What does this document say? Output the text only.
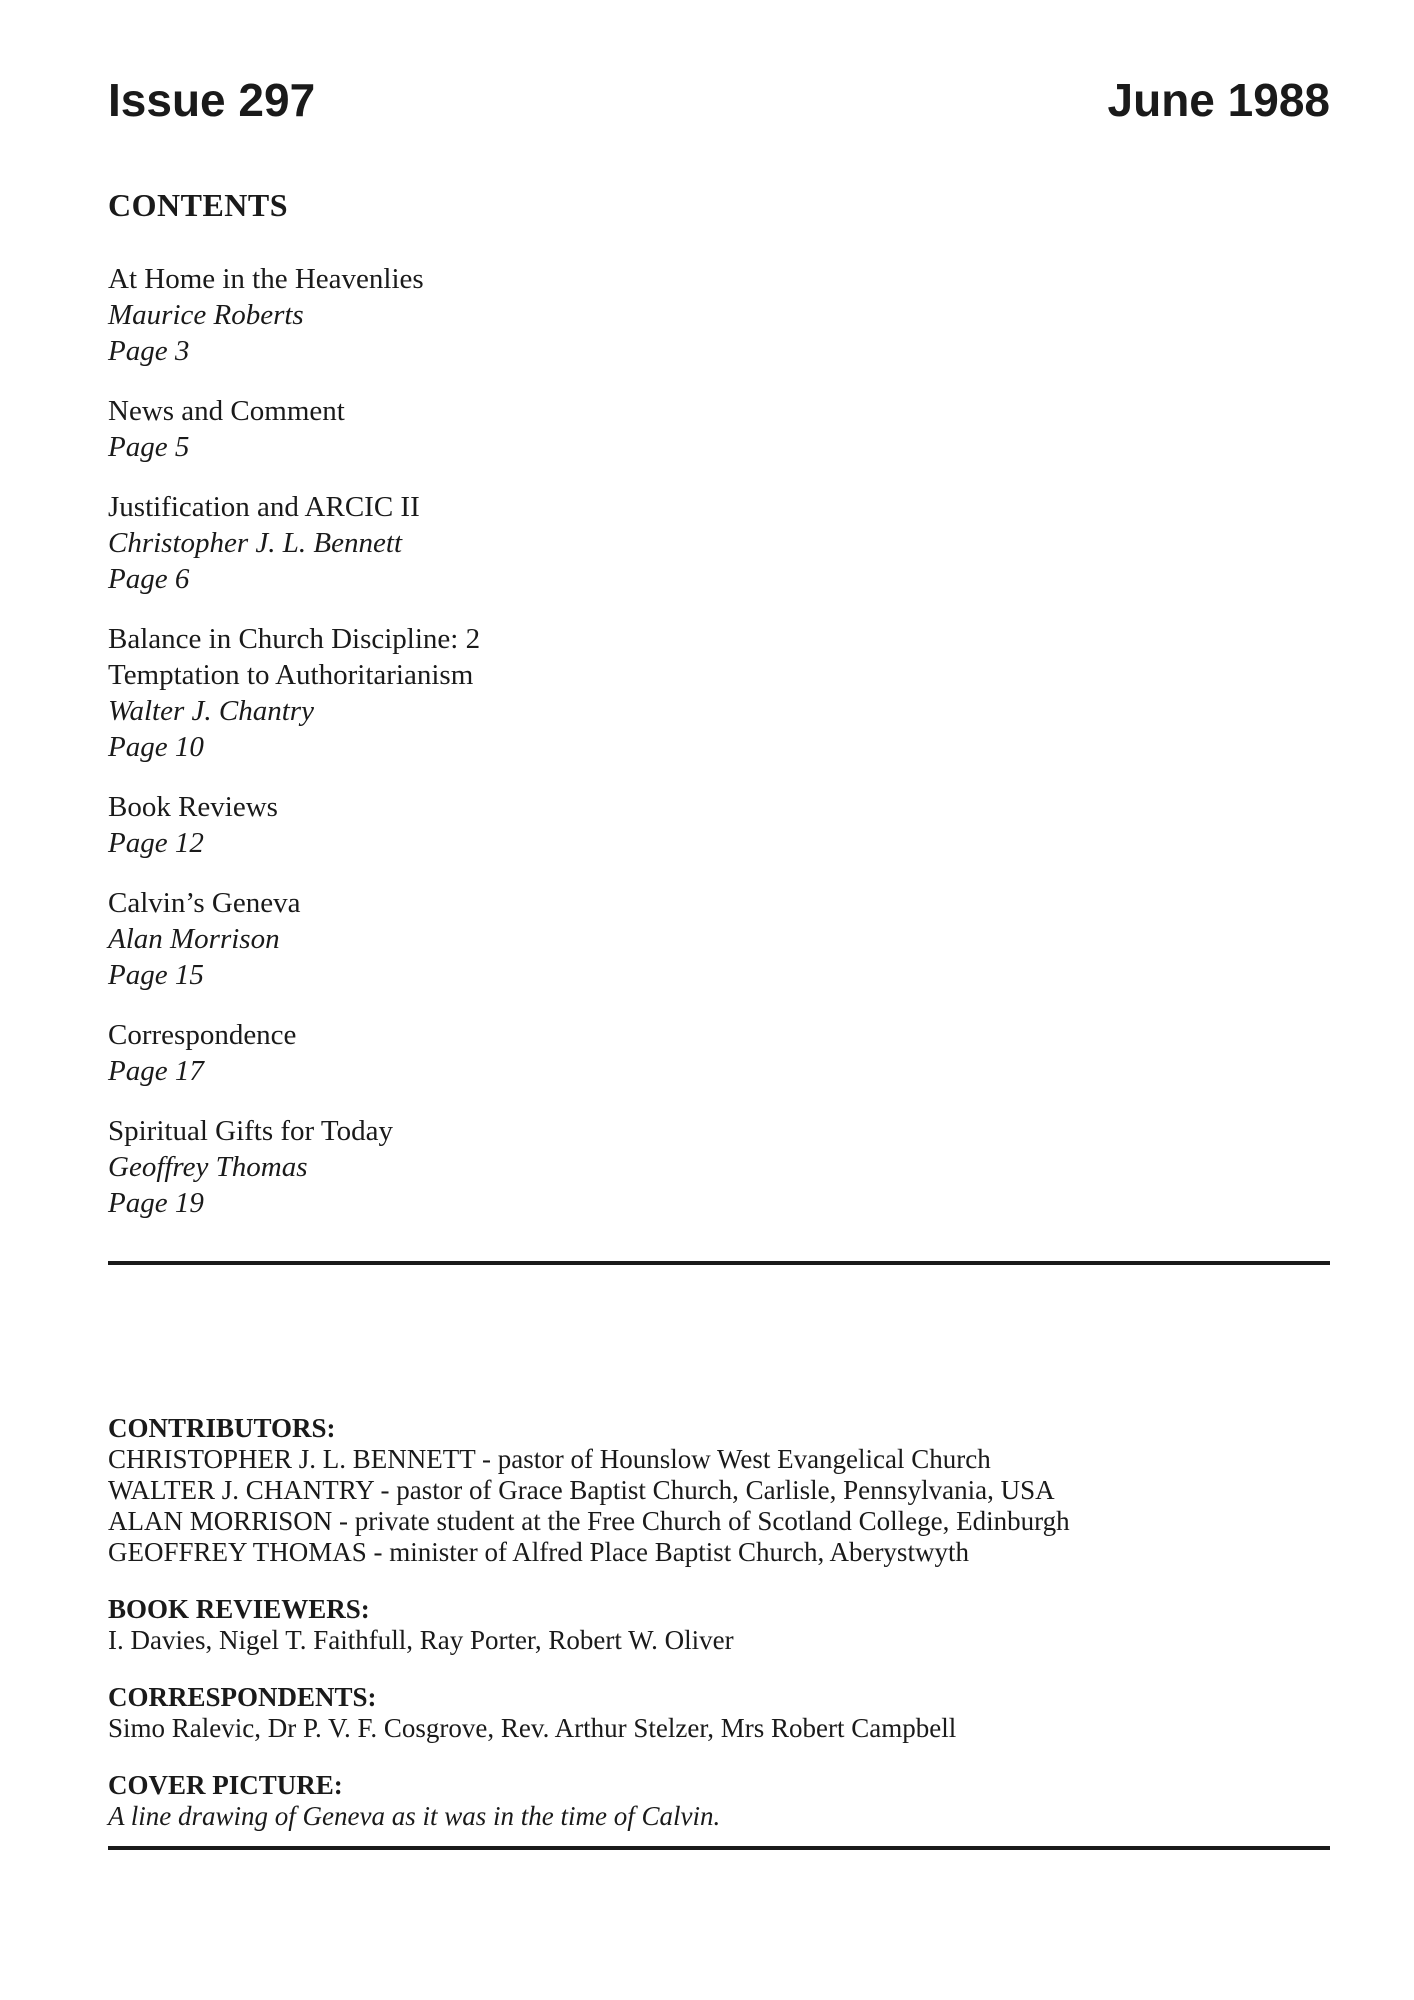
Issue 297	June 1988
CONTENTS
At Home in the Heavenlies
Maurice Roberts
Page 3
News and Comment
Page 5
Justification and ARCIC II
Christopher J. L. Bennett
Page 6
Balance in Church Discipline: 2
Temptation to Authoritarianism
Walter J. Chantry
Page 10
Book Reviews
Page 12
Calvin’s Geneva
Alan Morrison
Page 15
Correspondence
Page 17
Spiritual Gifts for Today
Geoffrey Thomas
Page 19
CONTRIBUTORS:
CHRISTOPHER J. L. BENNETT - pastor of Hounslow West Evangelical Church
WALTER J. CHANTRY - pastor of Grace Baptist Church, Carlisle, Pennsylvania, USA
ALAN MORRISON - private student at the Free Church of Scotland College, Edinburgh
GEOFFREY THOMAS - minister of Alfred Place Baptist Church, Aberystwyth
BOOK REVIEWERS:
I. Davies, Nigel T. Faithfull, Ray Porter, Robert W. Oliver
CORRESPONDENTS:
Simo Ralevic, Dr P. V. F. Cosgrove, Rev. Arthur Stelzer, Mrs Robert Campbell
COVER PICTURE:
A line drawing of Geneva as it was in the time of Calvin.
